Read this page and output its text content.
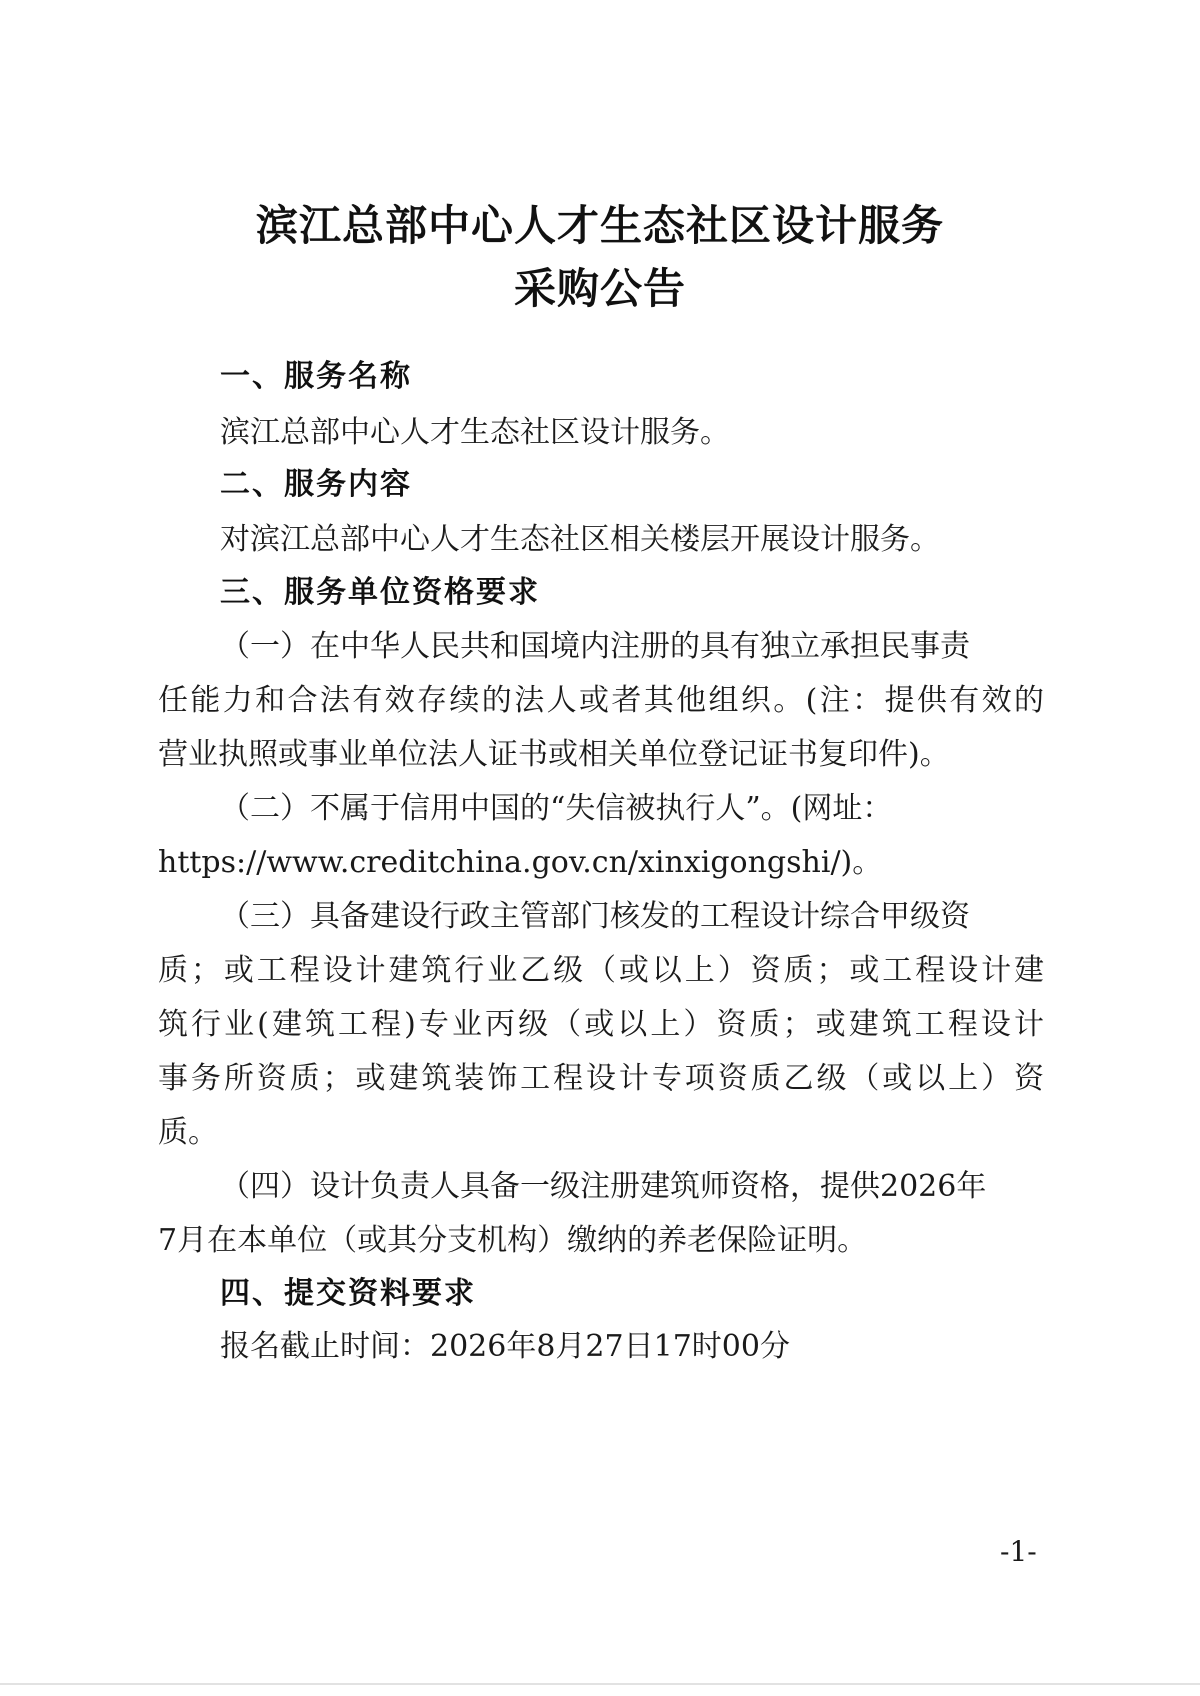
滨江总部中心人才生态社区设计服务
采购公告
一、服务名称
滨江总部中心人才生态社区设计服务。
二、服务内容
对滨江总部中心人才生态社区相关楼层开展设计服务。
三、服务单位资格要求
（一）在中华人民共和国境内注册的具有独立承担民事责
任能力和合法有效存续的法人或者其他组织。(注：提供有效的
营业执照或事业单位法人证书或相关单位登记证书复印件)。
（二）不属于信用中国的“失信被执行人”。(网址：
https://www.creditchina.gov.cn/xinxigongshi/)。
（三）具备建设行政主管部门核发的工程设计综合甲级资
质；或工程设计建筑行业乙级（或以上）资质；或工程设计建
筑行业(建筑工程)专业丙级（或以上）资质；或建筑工程设计
事务所资质；或建筑装饰工程设计专项资质乙级（或以上）资
质。
（四）设计负责人具备一级注册建筑师资格，提供2026年
7月在本单位（或其分支机构）缴纳的养老保险证明。
四、提交资料要求
报名截止时间：2026年8月27日17时00分
-1-
